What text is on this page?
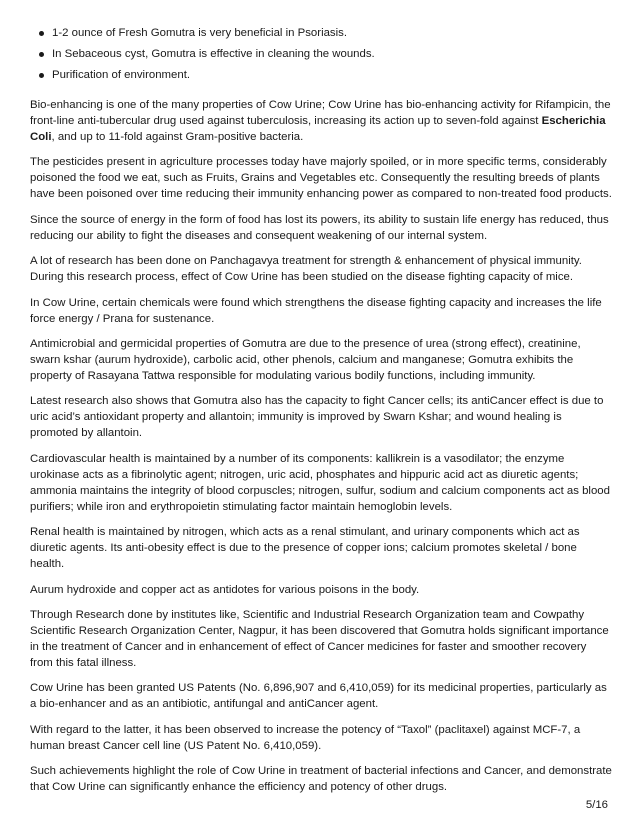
1-2 ounce of Fresh Gomutra is very beneficial in Psoriasis.
In Sebaceous cyst, Gomutra is effective in cleaning the wounds.
Purification of environment.

Bio-enhancing is one of the many properties of Cow Urine; Cow Urine has bio-enhancing activity for Rifampicin, the front-line anti-tubercular drug used against tuberculosis, increasing its action up to seven-fold against Escherichia Coli, and up to 11-fold against Gram-positive bacteria.

The pesticides present in agriculture processes today have majorly spoiled, or in more specific terms, considerably poisoned the food we eat, such as Fruits, Grains and Vegetables etc. Consequently the resulting breeds of plants have been poisoned over time reducing their immunity enhancing power as compared to non-treated food products.

Since the source of energy in the form of food has lost its powers, its ability to sustain life energy has reduced, thus reducing our ability to fight the diseases and consequent weakening of our internal system.

A lot of research has been done on Panchagavya treatment for strength & enhancement of physical immunity. During this research process, effect of Cow Urine has been studied on the disease fighting capacity of mice.

In Cow Urine, certain chemicals were found which strengthens the disease fighting capacity and increases the life force energy / Prana for sustenance.

Antimicrobial and germicidal properties of Gomutra are due to the presence of urea (strong effect), creatinine, swarn kshar (aurum hydroxide), carbolic acid, other phenols, calcium and manganese; Gomutra exhibits the property of Rasayana Tattwa responsible for modulating various bodily functions, including immunity.

Latest research also shows that Gomutra also has the capacity to fight Cancer cells; its antiCancer effect is due to uric acid’s antioxidant property and allantoin; immunity is improved by Swarn Kshar; and wound healing is promoted by allantoin.

Cardiovascular health is maintained by a number of its components: kallikrein is a vasodilator; the enzyme urokinase acts as a fibrinolytic agent; nitrogen, uric acid, phosphates and hippuric acid act as diuretic agents; ammonia maintains the integrity of blood corpuscles; nitrogen, sulfur, sodium and calcium components act as blood purifiers; while iron and erythropoietin stimulating factor maintain hemoglobin levels.

Renal health is maintained by nitrogen, which acts as a renal stimulant, and urinary components which act as diuretic agents. Its anti-obesity effect is due to the presence of copper ions; calcium promotes skeletal / bone health.

Aurum hydroxide and copper act as antidotes for various poisons in the body.

Through Research done by institutes like, Scientific and Industrial Research Organization team and Cowpathy Scientific Research Organization Center, Nagpur, it has been discovered that Gomutra holds significant importance in the treatment of Cancer and in enhancement of effect of Cancer medicines for faster and smoother recovery from this fatal illness.

Cow Urine has been granted US Patents (No. 6,896,907 and 6,410,059) for its medicinal properties, particularly as a bio-enhancer and as an antibiotic, antifungal and antiCancer agent.

With regard to the latter, it has been observed to increase the potency of “Taxol” (paclitaxel) against MCF-7, a human breast Cancer cell line (US Patent No. 6,410,059).

Such achievements highlight the role of Cow Urine in treatment of bacterial infections and Cancer, and demonstrate that Cow Urine can significantly enhance the efficiency and potency of other drugs.

5/16
